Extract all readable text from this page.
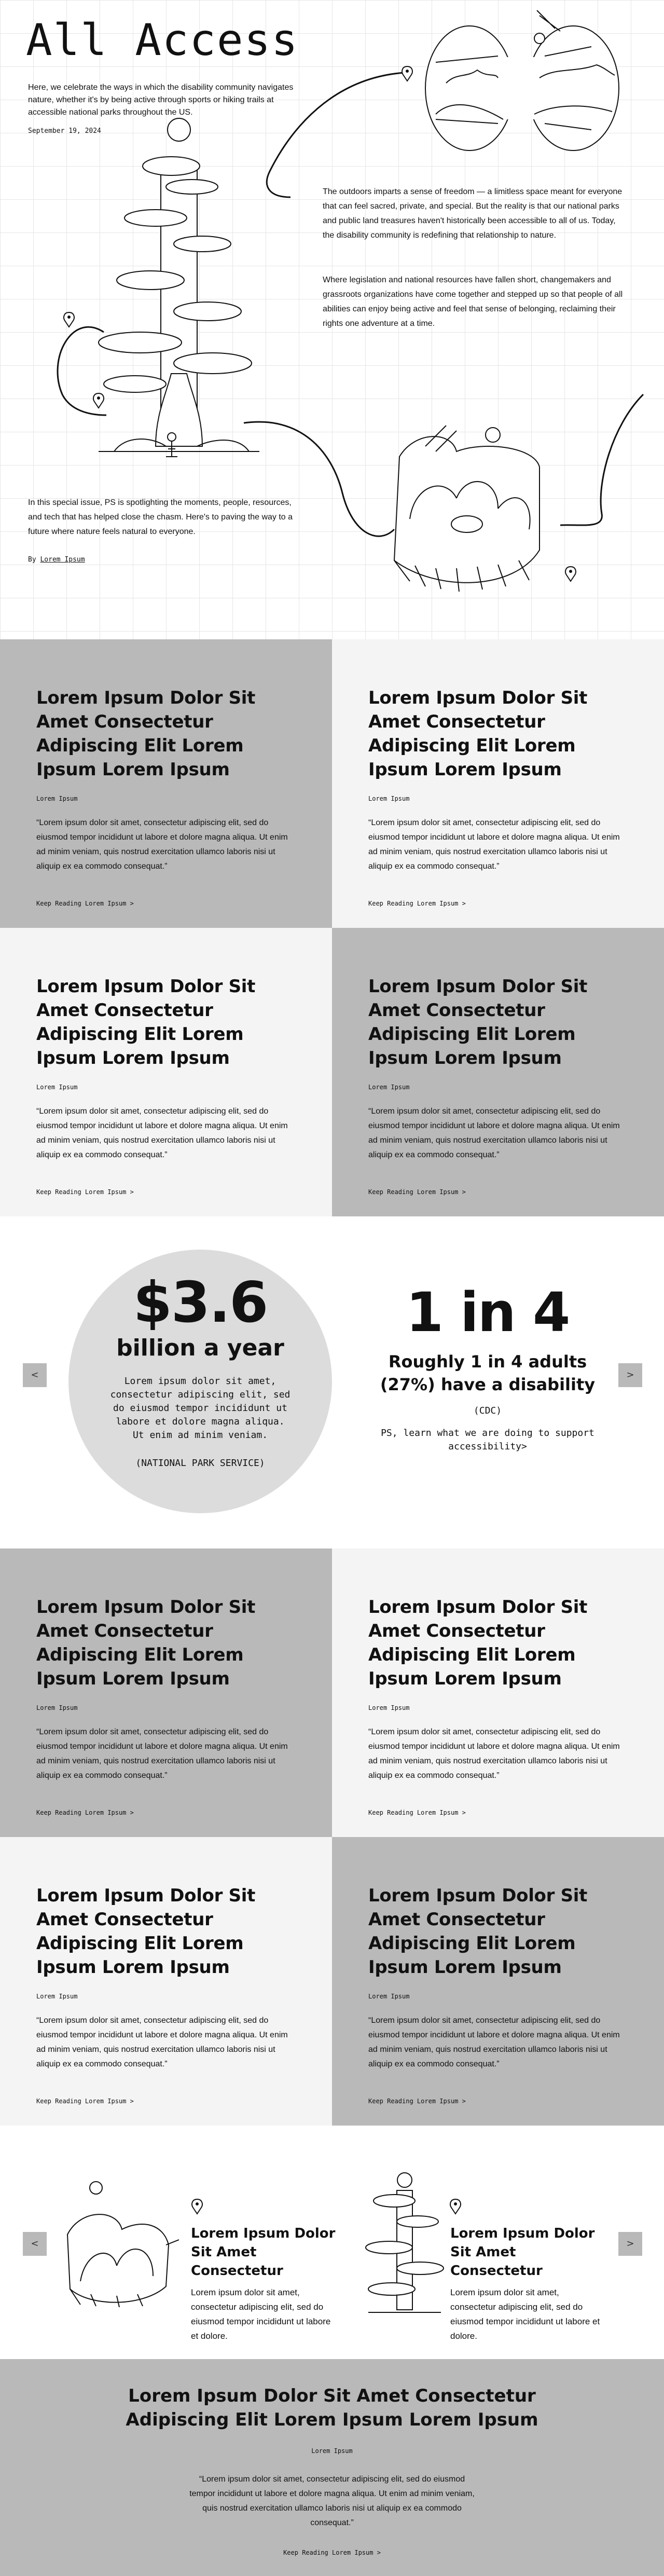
All Access

Here, we celebrate the ways in which the disability community navigates nature, whether it's by being active through sports or hiking trails at accessible national parks throughout the US.

September 19, 2024

The outdoors imparts a sense of freedom — a limitless space meant for everyone that can feel sacred, private, and special. But the reality is that our national parks and public land treasures haven't historically been accessible to all of us. Today, the disability community is redefining that relationship to nature.

Where legislation and national resources have fallen short, changemakers and grassroots organizations have come together and stepped up so that people of all abilities can enjoy being active and feel that sense of belonging, reclaiming their rights one adventure at a time.

In this special issue, PS is spotlighting the moments, people, resources, and tech that has helped close the chasm. Here's to paving the way to a future where nature feels natural to everyone.

By Lorem Ipsum

Lorem Ipsum Dolor Sit Amet Consectetur Adipiscing Elit Lorem Ipsum Lorem Ipsum

Lorem Ipsum

“Lorem ipsum dolor sit amet, consectetur adipiscing elit, sed do eiusmod tempor incididunt ut labore et dolore magna aliqua. Ut enim ad minim veniam, quis nostrud exercitation ullamco laboris nisi ut aliquip ex ea commodo consequat.”

Keep Reading Lorem Ipsum >
Lorem Ipsum Dolor Sit Amet Consectetur Adipiscing Elit Lorem Ipsum Lorem Ipsum

Lorem Ipsum

“Lorem ipsum dolor sit amet, consectetur adipiscing elit, sed do eiusmod tempor incididunt ut labore et dolore magna aliqua. Ut enim ad minim veniam, quis nostrud exercitation ullamco laboris nisi ut aliquip ex ea commodo consequat.”

Keep Reading Lorem Ipsum >
Lorem Ipsum Dolor Sit Amet Consectetur Adipiscing Elit Lorem Ipsum Lorem Ipsum

Lorem Ipsum

“Lorem ipsum dolor sit amet, consectetur adipiscing elit, sed do eiusmod tempor incididunt ut labore et dolore magna aliqua. Ut enim ad minim veniam, quis nostrud exercitation ullamco laboris nisi ut aliquip ex ea commodo consequat.”

Keep Reading Lorem Ipsum >
Lorem Ipsum Dolor Sit Amet Consectetur Adipiscing Elit Lorem Ipsum Lorem Ipsum

Lorem Ipsum

“Lorem ipsum dolor sit amet, consectetur adipiscing elit, sed do eiusmod tempor incididunt ut labore et dolore magna aliqua. Ut enim ad minim veniam, quis nostrud exercitation ullamco laboris nisi ut aliquip ex ea commodo consequat.”

Keep Reading Lorem Ipsum >
<
$3.6
billion a year
Lorem ipsum dolor sit amet, consectetur adipiscing elit, sed do eiusmod tempor incididunt ut labore et dolore magna aliqua. Ut enim ad minim veniam.
(NATIONAL PARK SERVICE)
1 in 4
Roughly 1 in 4 adults (27%) have a disability
(CDC)
PS, learn what we are doing to support accessibility>
>
Lorem Ipsum Dolor Sit Amet Consectetur Adipiscing Elit Lorem Ipsum Lorem Ipsum

Lorem Ipsum

“Lorem ipsum dolor sit amet, consectetur adipiscing elit, sed do eiusmod tempor incididunt ut labore et dolore magna aliqua. Ut enim ad minim veniam, quis nostrud exercitation ullamco laboris nisi ut aliquip ex ea commodo consequat.”

Keep Reading Lorem Ipsum >
Lorem Ipsum Dolor Sit Amet Consectetur Adipiscing Elit Lorem Ipsum Lorem Ipsum

Lorem Ipsum

“Lorem ipsum dolor sit amet, consectetur adipiscing elit, sed do eiusmod tempor incididunt ut labore et dolore magna aliqua. Ut enim ad minim veniam, quis nostrud exercitation ullamco laboris nisi ut aliquip ex ea commodo consequat.”

Keep Reading Lorem Ipsum >
Lorem Ipsum Dolor Sit Amet Consectetur Adipiscing Elit Lorem Ipsum Lorem Ipsum

Lorem Ipsum

“Lorem ipsum dolor sit amet, consectetur adipiscing elit, sed do eiusmod tempor incididunt ut labore et dolore magna aliqua. Ut enim ad minim veniam, quis nostrud exercitation ullamco laboris nisi ut aliquip ex ea commodo consequat.”

Keep Reading Lorem Ipsum >
Lorem Ipsum Dolor Sit Amet Consectetur Adipiscing Elit Lorem Ipsum Lorem Ipsum

Lorem Ipsum

“Lorem ipsum dolor sit amet, consectetur adipiscing elit, sed do eiusmod tempor incididunt ut labore et dolore magna aliqua. Ut enim ad minim veniam, quis nostrud exercitation ullamco laboris nisi ut aliquip ex ea commodo consequat.”

Keep Reading Lorem Ipsum >
<
Lorem Ipsum Dolor Sit Amet Consectetur

Lorem ipsum dolor sit amet, consectetur adipiscing elit, sed do eiusmod tempor incididunt ut labore et dolore.

Lorem Ipsum Dolor Sit Amet Consectetur

Lorem ipsum dolor sit amet, consectetur adipiscing elit, sed do eiusmod tempor incididunt ut labore et dolore.

>
Lorem Ipsum Dolor Sit Amet Consectetur Adipiscing Elit Lorem Ipsum Lorem Ipsum

Lorem Ipsum

“Lorem ipsum dolor sit amet, consectetur adipiscing elit, sed do eiusmod tempor incididunt ut labore et dolore magna aliqua. Ut enim ad minim veniam, quis nostrud exercitation ullamco laboris nisi ut aliquip ex ea commodo consequat.”

Keep Reading Lorem Ipsum >
